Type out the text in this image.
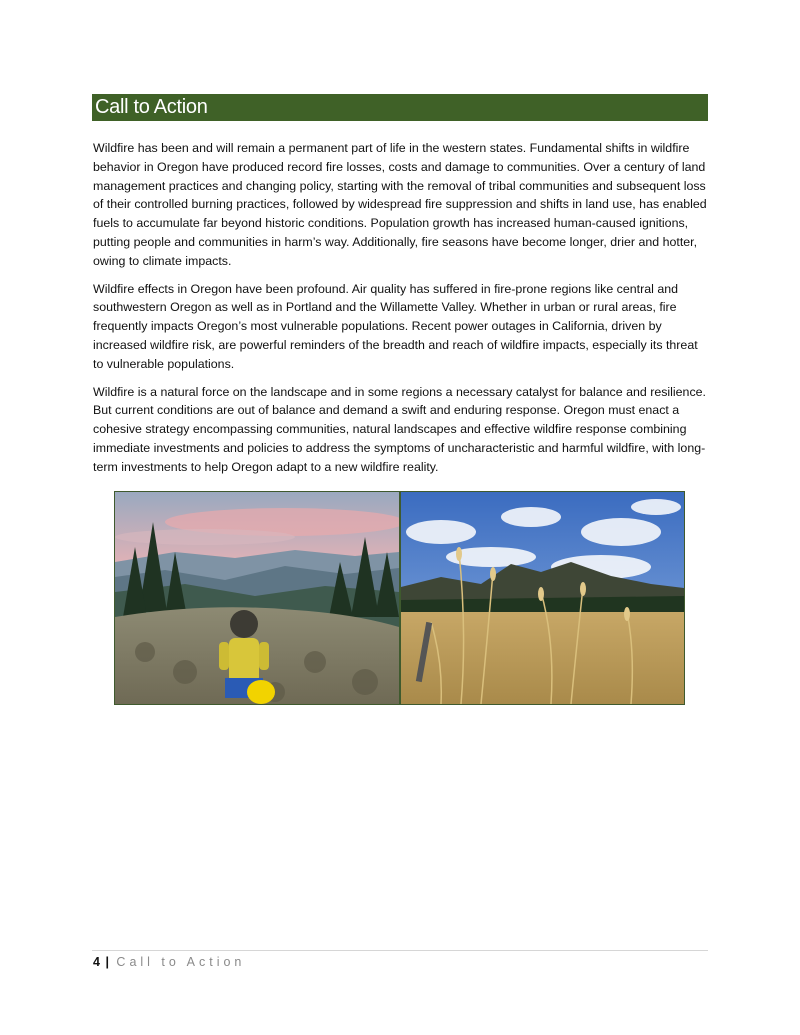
Call to Action

Wildfire has been and will remain a permanent part of life in the western states. Fundamental shifts in wildfire behavior in Oregon have produced record fire losses, costs and damage to communities. Over a century of land management practices and changing policy, starting with the removal of tribal communities and subsequent loss of their controlled burning practices, followed by widespread fire suppression and shifts in land use, has enabled fuels to accumulate far beyond historic conditions. Population growth has increased human-caused ignitions, putting people and communities in harm’s way. Additionally, fire seasons have become longer, drier and hotter, owing to climate impacts.

Wildfire effects in Oregon have been profound. Air quality has suffered in fire-prone regions like central and southwestern Oregon as well as in Portland and the Willamette Valley. Whether in urban or rural areas, fire frequently impacts Oregon’s most vulnerable populations. Recent power outages in California, driven by increased wildfire risk, are powerful reminders of the breadth and reach of wildfire impacts, especially its threat to vulnerable populations.

Wildfire is a natural force on the landscape and in some regions a necessary catalyst for balance and resilience. But current conditions are out of balance and demand a swift and enduring response. Oregon must enact a cohesive strategy encompassing communities, natural landscapes and effective wildfire response combining immediate investments and policies to address the symptoms of uncharacteristic and harmful wildfire, with long-term investments to help Oregon adapt to a new wildfire reality.

4 | Call to Action
